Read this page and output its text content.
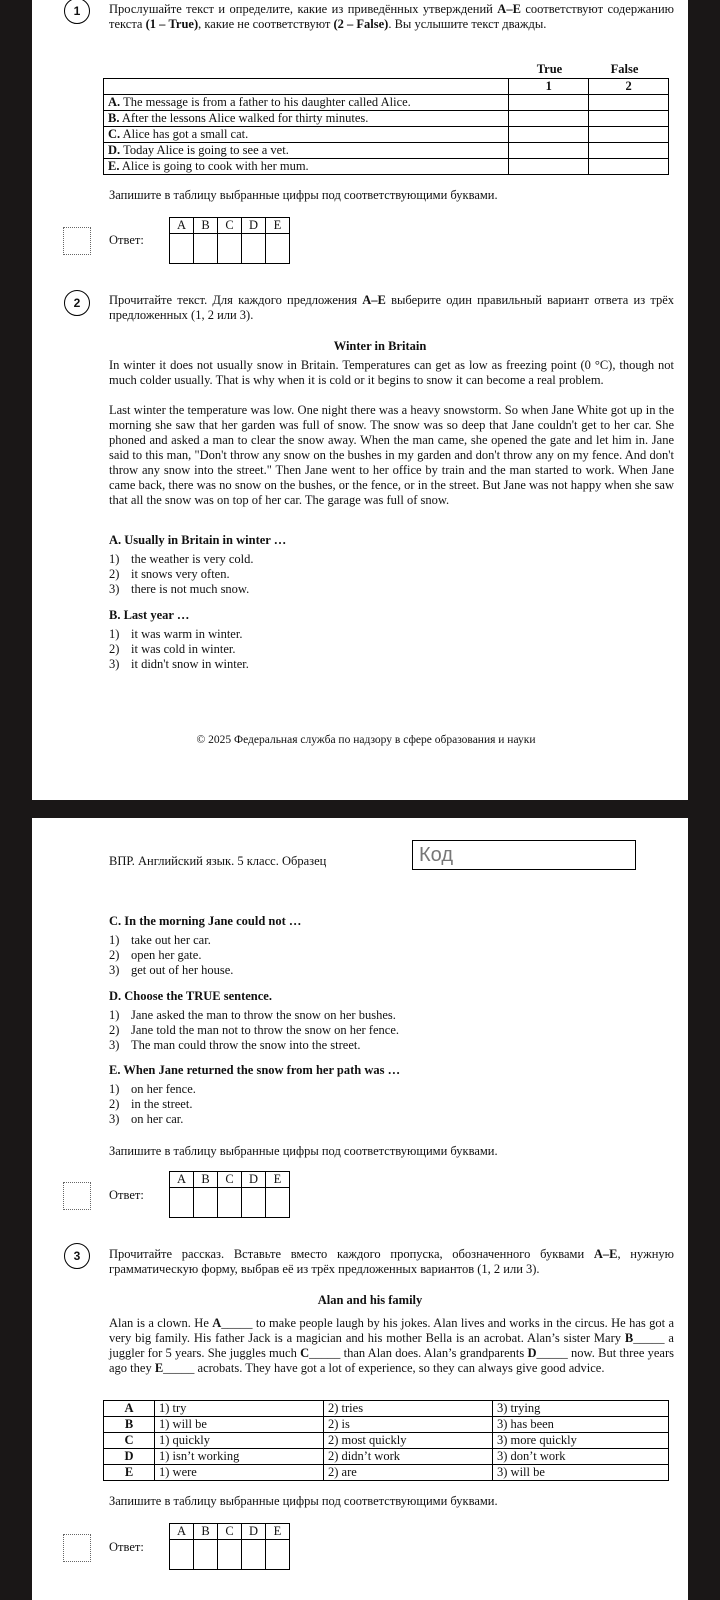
1	Прослушайте текст и определите, какие из приведённых утверждений A–E соответствуют содержанию текста (1 – True), какие не соответствуют (2 – False). Вы услышите текст дважды.
True	False
	1	2
A. The message is from a father to his daughter called Alice.		
B. After the lessons Alice walked for thirty minutes.		
C. Alice has got a small cat.		
D. Today Alice is going to see a vet.		
E. Alice is going to cook with her mum.		
Запишите в таблицу выбранные цифры под соответствующими буквами.
Ответ:
A	B	C	D	E

2	Прочитайте текст. Для каждого предложения A–E выберите один правильный вариант ответа из трёх предложенных (1, 2 или 3).
Winter in Britain
In winter it does not usually snow in Britain. Temperatures can get as low as freezing point (0 °C), though not much colder usually. That is why when it is cold or it begins to snow it can become a real problem.
Last winter the temperature was low. One night there was a heavy snowstorm. So when Jane White got up in the morning she saw that her garden was full of snow. The snow was so deep that Jane couldn't get to her car. She phoned and asked a man to clear the snow away. When the man came, she opened the gate and let him in. Jane said to this man, "Don't throw any snow on the bushes in my garden and don't throw any on my fence. And don't throw any snow into the street." Then Jane went to her office by train and the man started to work. When Jane came back, there was no snow on the bushes, or the fence, or in the street. But Jane was not happy when she saw that all the snow was on top of her car. The garage was full of snow.
A. Usually in Britain in winter …
1) the weather is very cold.
2) it snows very often.
3) there is not much snow.
B. Last year …
1) it was warm in winter.
2) it was cold in winter.
3) it didn't snow in winter.
© 2025 Федеральная служба по надзору в сфере образования и науки
ВПР. Английский язык. 5 класс. Образец	Код
C. In the morning Jane could not …
1) take out her car.
2) open her gate.
3) get out of her house.
D. Choose the TRUE sentence.
1) Jane asked the man to throw the snow on her bushes.
2) Jane told the man not to throw the snow on her fence.
3) The man could throw the snow into the street.
E. When Jane returned the snow from her path was …
1) on her fence.
2) in the street.
3) on her car.
Запишите в таблицу выбранные цифры под соответствующими буквами.
Ответ:
A	B	C	D	E

3	Прочитайте рассказ. Вставьте вместо каждого пропуска, обозначенного буквами A–E, нужную грамматическую форму, выбрав её из трёх предложенных вариантов (1, 2 или 3).
Alan and his family
Alan is a clown. He A_____ to make people laugh by his jokes. Alan lives and works in the circus. He has got a very big family. His father Jack is a magician and his mother Bella is an acrobat. Alan’s sister Mary B_____ a juggler for 5 years. She juggles much C_____ than Alan does. Alan’s grandparents D_____ now. But three years ago they E_____ acrobats. They have got a lot of experience, so they can always give good advice.
A	1) try	2) tries	3) trying
B	1) will be	2) is	3) has been
C	1) quickly	2) most quickly	3) more quickly
D	1) isn’t working	2) didn’t work	3) don’t work
E	1) were	2) are	3) will be
Запишите в таблицу выбранные цифры под соответствующими буквами.
Ответ:
A	B	C	D	E
